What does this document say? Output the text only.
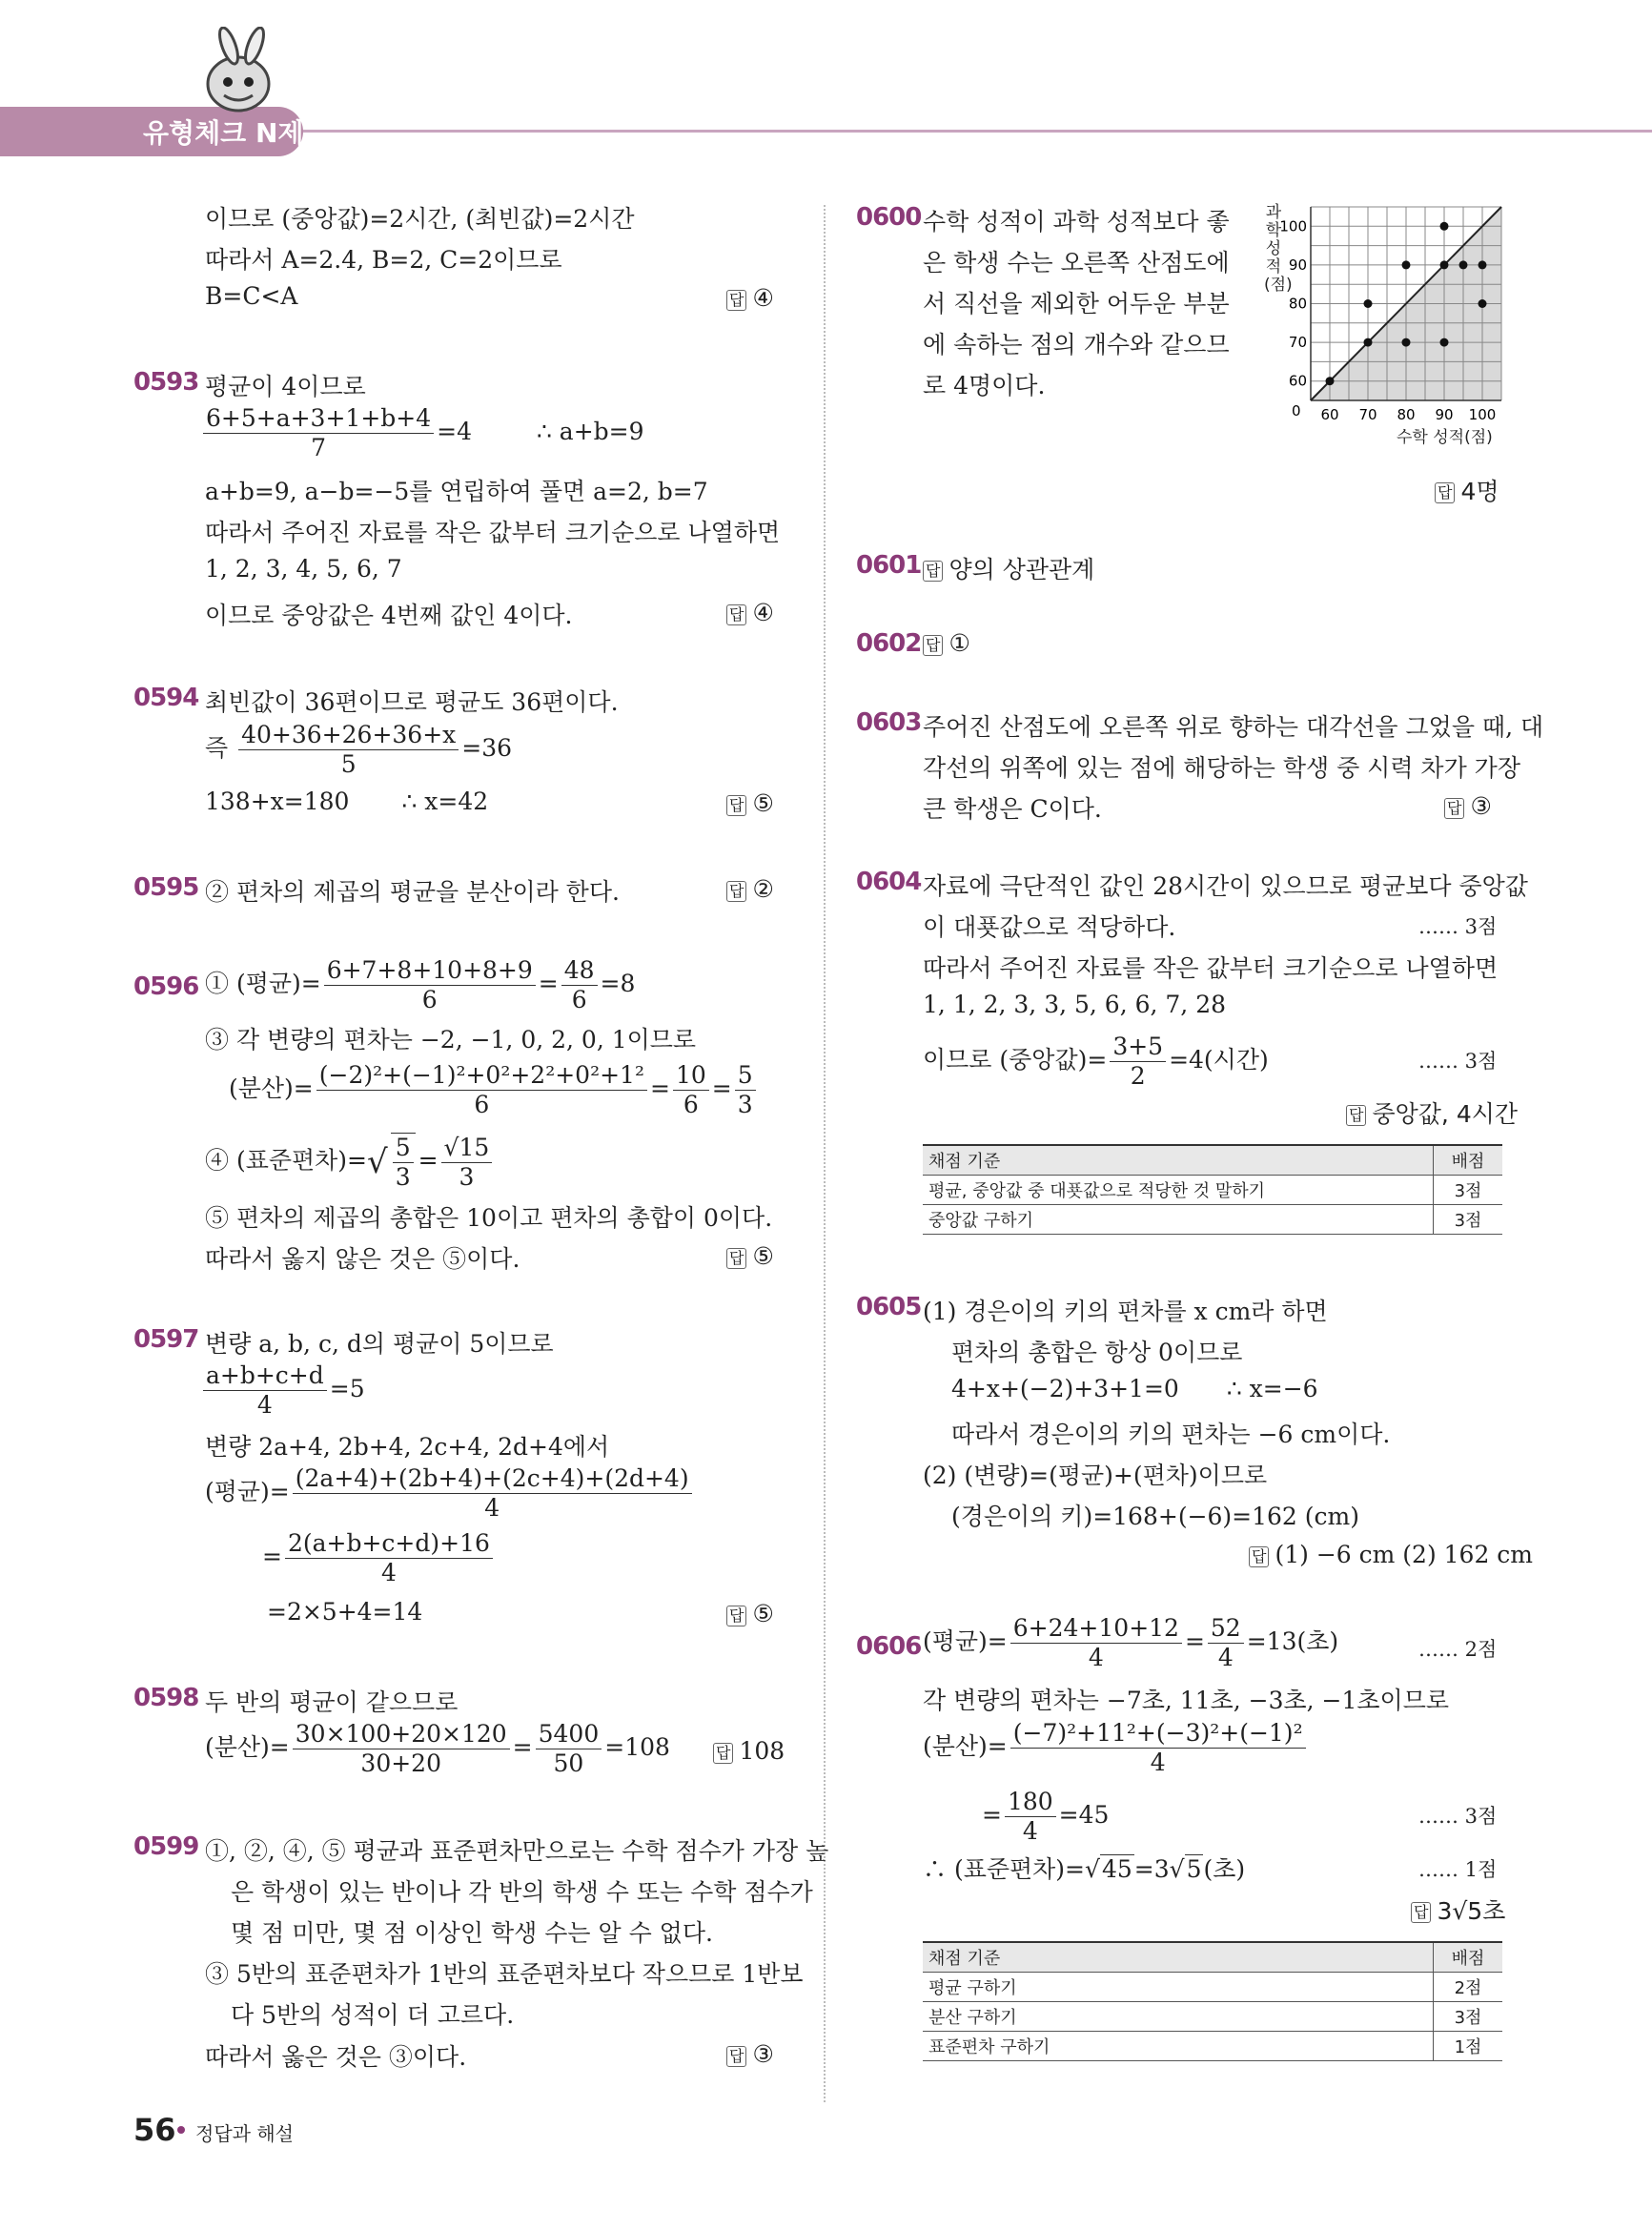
유형체크 N제
이므로 (중앙값)=2시간, (최빈값)=2시간
따라서 A=2.4, B=2, C=2이므로
B=C<A	답 ④
0593 평균이 4이므로
$\frac{6+5+a+3+1+b+4}{7} =4$	∴ a+b=9
a+b=9, a−b=−5를 연립하여 풀면 a=2, b=7
따라서 주어진 자료를 작은 값부터 크기순으로 나열하면
1, 2, 3, 4, 5, 6, 7
이므로 중앙값은 4번째 값인 4이다.	답 ④
0594 최빈값이 36편이므로 평균도 36편이다.
즉 $\frac{40+36+26+36+x}{5} =36$
138+x=180 ∴ x=42	답 ⑤
0595 ② 편차의 제곱의 평균을 분산이라 한다.	답 ②
0596 ① (평균)= $\frac{6+7+8+10+8+9}{6} = \frac{48}{6} =8$
③ 각 변량의 편차는 −2, −1, 0, 2, 0, 1이므로
(분산)= $\frac{\text{(−2)²+(−1)²+0²+2²+0²+1²}}{6} = \frac{10}{6} = \frac{5}{3}$
④ (표준편차)=√ $\frac{5}{3} = \frac{√15}{3}$
⑤ 편차의 제곱의 총합은 10이고 편차의 총합이 0이다.
따라서 옳지 않은 것은 ⑤이다.	답 ⑤
0597 변량 a, b, c, d의 평균이 5이므로
$\frac{a+b+c+d}{4} =5$
변량 2a+4, 2b+4, 2c+4, 2d+4에서
(평균)= $\frac{(2a+4)+(2b+4)+(2c+4)+(2d+4)}{4}$
= $\frac{2(a+b+c+d)+16}{4}$
=2×5+4=14	답 ⑤
0598 두 반의 평균이 같으므로
(분산)= $\frac{30\times 100+20\times 120}{30+20} = \frac{5400}{50} =108$	답 108
0599 ①, ②, ④, ⑤ 평균과 표준편차만으로는 수학 점수가 가장 높
은 학생이 있는 반이나 각 반의 학생 수 또는 수학 점수가
몇 점 미만, 몇 점 이상인 학생 수는 알 수 없다.
③ 5반의 표준편차가 1반의 표준편차보다 작으므로 1반보
다 5반의 성적이 더 고르다.
따라서 옳은 것은 ③이다.	답 ③
0600 수학 성적이 과학 성적보다 좋
은 학생 수는 오른쪽 산점도에
서 직선을 제외한 어두운 부분
에 속하는 점의 개수와 같으므
로 4명이다.
60 70 80 90 100
60
70
80
90
100
0
과학 성적(점)
수학 성적(점)
답 4명
0601 답 양의 상관관계
0602 답 ①
0603 주어진 산점도에 오른쪽 위로 향하는 대각선을 그었을 때, 대
각선의 위쪽에 있는 점에 해당하는 학생 중 시력 차가 가장
큰 학생은 C이다.	답 ③
0604 자료에 극단적인 값인 28시간이 있으므로 평균보다 중앙값
이 대푯값으로 적당하다.	…… 3점
따라서 주어진 자료를 작은 값부터 크기순으로 나열하면
1, 1, 2, 3, 3, 5, 6, 6, 7, 28
이므로 (중앙값)= $\frac{3+5}{2} =4$(시간)	…… 3점
답 중앙값, 4시간
채점 기준	배점
평균, 중앙값 중 대푯값으로 적당한 것 말하기	3점
중앙값 구하기	3점
0605 (1) 경은이의 키의 편차를 x cm라 하면
편차의 총합은 항상 0이므로
4+x+(−2)+3+1=0 ∴ x=−6
따라서 경은이의 키의 편차는 −6 cm이다.
(2) (변량)=(평균)+(편차)이므로
(경은이의 키)=168+(−6)=162 (cm)
답 (1) −6 cm (2) 162 cm
0606 (평균)= $\frac{6+24+10+12}{4} = \frac{52}{4} =13$(초)	…… 2점
각 변량의 편차는 −7초, 11초, −3초, −1초이므로
(분산)= $\frac{\text{(−7)²+11²+(−3)²+(−1)²}}{4}$
= $\frac{180}{4} =45$	…… 3점
∴ (표준편차)=√45=3√5(초)	…… 1점
답 3√5초
채점 기준	배점
평균 구하기	2점
분산 구하기	3점
표준편차 구하기	1점
56 정답과 해설
